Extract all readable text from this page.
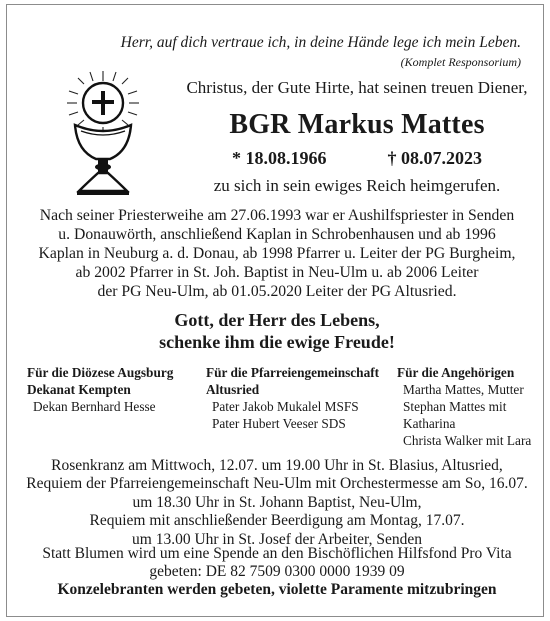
Herr, auf dich vertraue ich, in deine Hände lege ich mein Leben.
(Komplet Responsorium)
Christus, der Gute Hirte, hat seinen treuen Diener,
BGR Markus Mattes
* 18.08.1966	† 08.07.2023
zu sich in sein ewiges Reich heimgerufen.
Nach seiner Priesterweihe am 27.06.1993 war er Aushilfspriester in Senden
u. Donauwörth, anschließend Kaplan in Schrobenhausen und ab 1996
Kaplan in Neuburg a. d. Donau, ab 1998 Pfarrer u. Leiter der PG Burgheim,
ab 2002 Pfarrer in St. Joh. Baptist in Neu-Ulm u. ab 2006 Leiter
der PG Neu-Ulm, ab 01.05.2020 Leiter der PG Altusried.
Gott, der Herr des Lebens,
schenke ihm die ewige Freude!
Für die Diözese Augsburg
Dekanat Kempten
Dekan Bernhard Hesse
Für die Pfarreiengemeinschaft
Altusried
Pater Jakob Mukalel MSFS
Pater Hubert Veeser SDS
Für die Angehörigen
Martha Mattes, Mutter
Stephan Mattes mit
Katharina
Christa Walker mit Lara
Rosenkranz am Mittwoch, 12.07. um 19.00 Uhr in St. Blasius, Altusried,
Requiem der Pfarreiengemeinschaft Neu-Ulm mit Orchestermesse am So, 16.07.
um 18.30 Uhr in St. Johann Baptist, Neu-Ulm,
Requiem mit anschließender Beerdigung am Montag, 17.07.
um 13.00 Uhr in St. Josef der Arbeiter, Senden
Statt Blumen wird um eine Spende an den Bischöflichen Hilfsfond Pro Vita
gebeten: DE 82 7509 0300 0000 1939 09
Konzelebranten werden gebeten, violette Paramente mitzubringen
